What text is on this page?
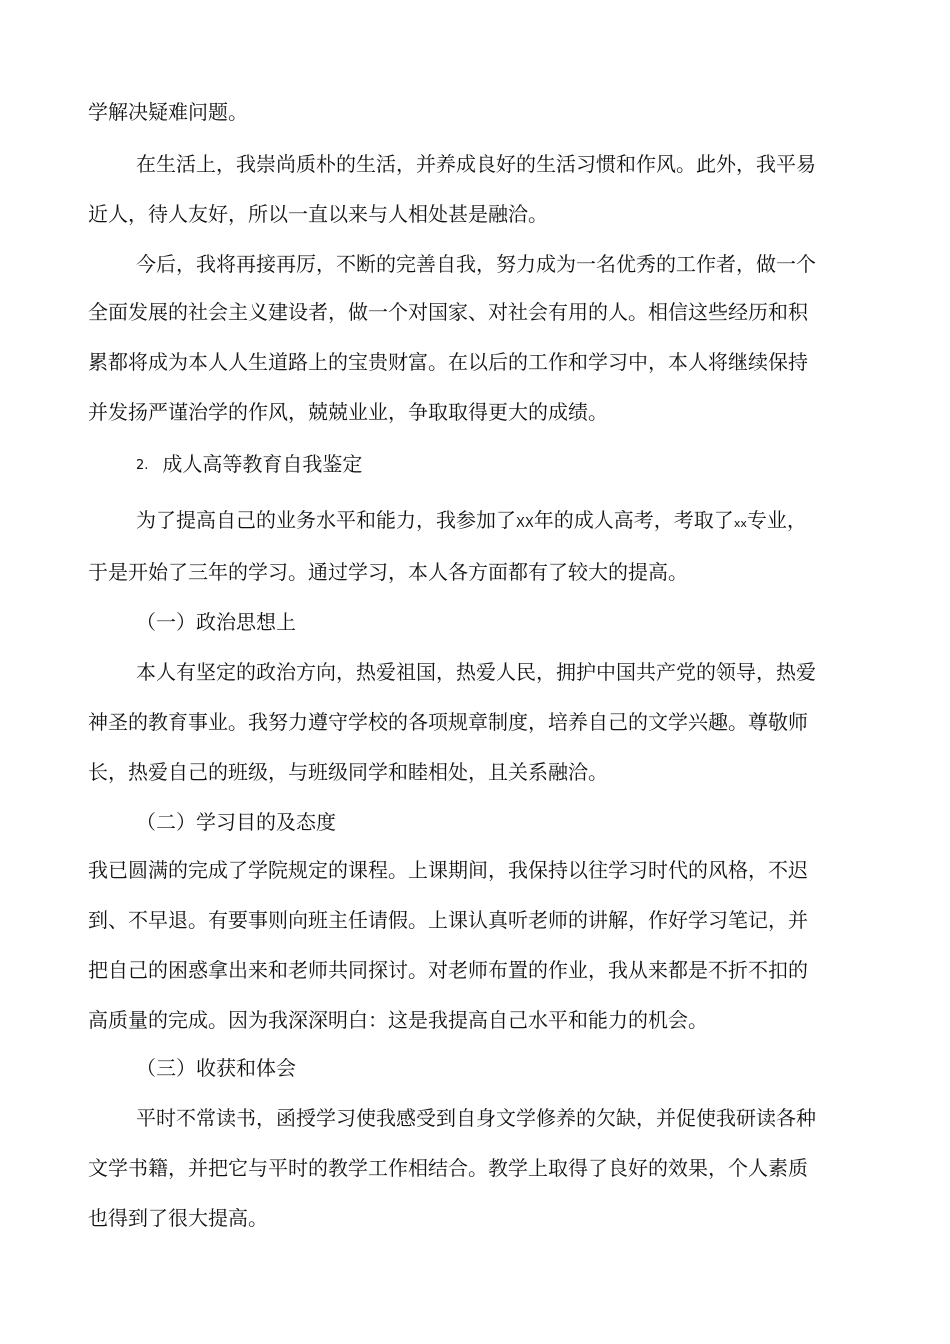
学解决疑难问题。
在生活上，我崇尚质朴的生活，并养成良好的生活习惯和作风。此外，我平易
近人，待人友好，所以一直以来与人相处甚是融洽。
今后，我将再接再厉，不断的完善自我，努力成为一名优秀的工作者，做一个
全面发展的社会主义建设者，做一个对国家、对社会有用的人。相信这些经历和积
累都将成为本人人生道路上的宝贵财富。在以后的工作和学习中，本人将继续保持
并发扬严谨治学的作风，兢兢业业，争取取得更大的成绩。
2. 成人高等教育自我鉴定
为了提高自己的业务水平和能力，我参加了XX年的成人高考，考取了xx专业，
于是开始了三年的学习。通过学习，本人各方面都有了较大的提高。
（一）政治思想上
本人有坚定的政治方向，热爱祖国，热爱人民，拥护中国共产党的领导，热爱
神圣的教育事业。我努力遵守学校的各项规章制度，培养自己的文学兴趣。尊敬师
长，热爱自己的班级，与班级同学和睦相处，且关系融洽。
（二）学习目的及态度
我已圆满的完成了学院规定的课程。上课期间，我保持以往学习时代的风格，不迟
到、不早退。有要事则向班主任请假。上课认真听老师的讲解，作好学习笔记，并
把自己的困惑拿出来和老师共同探讨。对老师布置的作业，我从来都是不折不扣的
高质量的完成。因为我深深明白：这是我提高自己水平和能力的机会。
（三）收获和体会
平时不常读书，函授学习使我感受到自身文学修养的欠缺，并促使我研读各种
文学书籍，并把它与平时的教学工作相结合。教学上取得了良好的效果，个人素质
也得到了很大提高。
